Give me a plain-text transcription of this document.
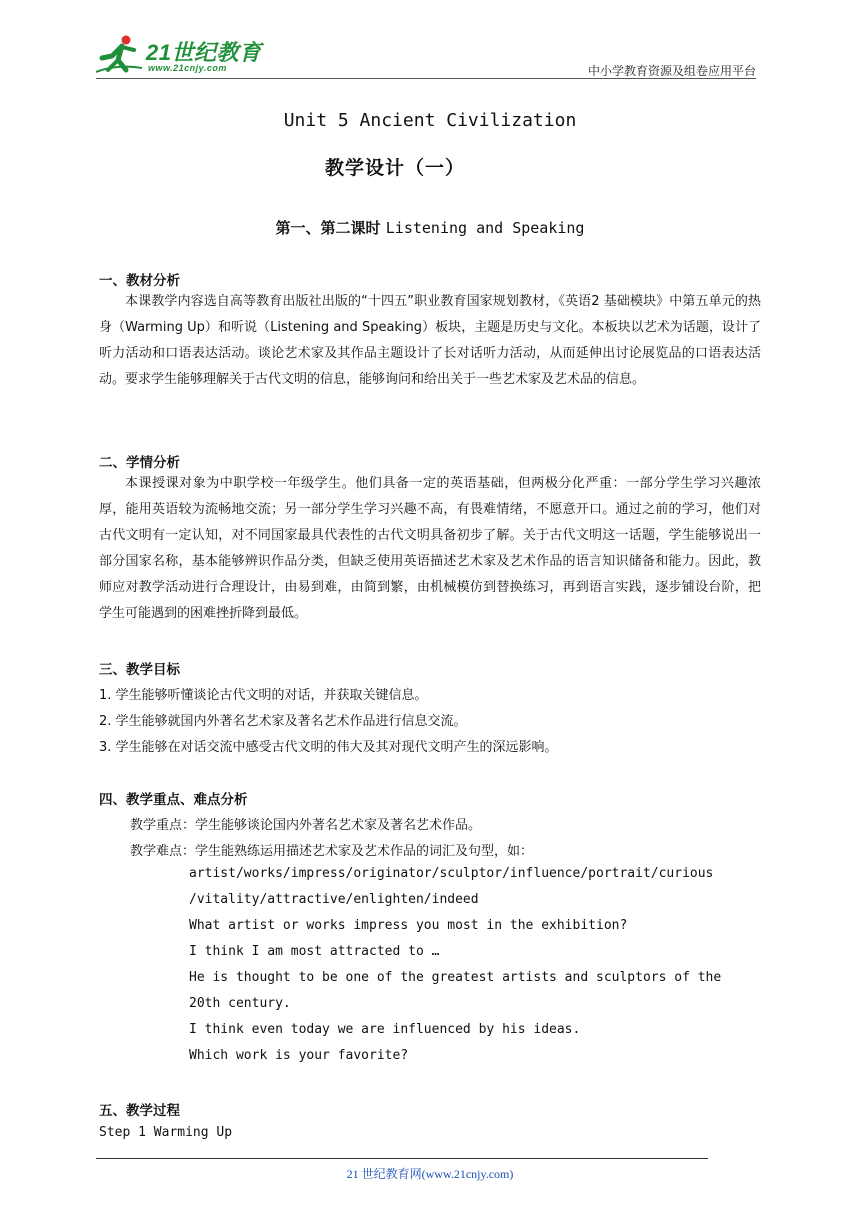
21世纪教育
www.21cnjy.com	中小学教育资源及组卷应用平台
Unit 5 Ancient Civilization
教学设计（一）
第一、第二课时 Listening and Speaking
一、教材分析
本课教学内容选自高等教育出版社出版的“十四五”职业教育国家规划教材，《英语2 基础模块》中第五单元的热身（Warming Up）和听说（Listening and Speaking）板块，主题是历史与文化。本板块以艺术为话题，设计了听力活动和口语表达活动。谈论艺术家及其作品主题设计了长对话听力活动，从而延伸出讨论展览品的口语表达活动。要求学生能够理解关于古代文明的信息，能够询问和给出关于一些艺术家及艺术品的信息。
二、学情分析
本课授课对象为中职学校一年级学生。他们具备一定的英语基础，但两极分化严重：一部分学生学习兴趣浓厚，能用英语较为流畅地交流；另一部分学生学习兴趣不高，有畏难情绪，不愿意开口。通过之前的学习，他们对古代文明有一定认知，对不同国家最具代表性的古代文明具备初步了解。关于古代文明这一话题，学生能够说出一部分国家名称，基本能够辨识作品分类，但缺乏使用英语描述艺术家及艺术作品的语言知识储备和能力。因此，教师应对教学活动进行合理设计，由易到难，由简到繁，由机械模仿到替换练习，再到语言实践，逐步铺设台阶，把学生可能遇到的困难挫折降到最低。
三、教学目标
1. 学生能够听懂谈论古代文明的对话，并获取关键信息。
2. 学生能够就国内外著名艺术家及著名艺术作品进行信息交流。
3. 学生能够在对话交流中感受古代文明的伟大及其对现代文明产生的深远影响。
四、教学重点、难点分析
教学重点：学生能够谈论国内外著名艺术家及著名艺术作品。
教学难点：学生能熟练运用描述艺术家及艺术作品的词汇及句型，如：
artist/works/impress/originator/sculptor/influence/portrait/curious
/vitality/attractive/enlighten/indeed
What artist or works impress you most in the exhibition?
I think I am most attracted to …
He is thought to be one of the greatest artists and sculptors of the
20th century.
I think even today we are influenced by his ideas.
Which work is your favorite?
五、教学过程
Step 1 Warming Up
21 世纪教育网(www.21cnjy.com)
